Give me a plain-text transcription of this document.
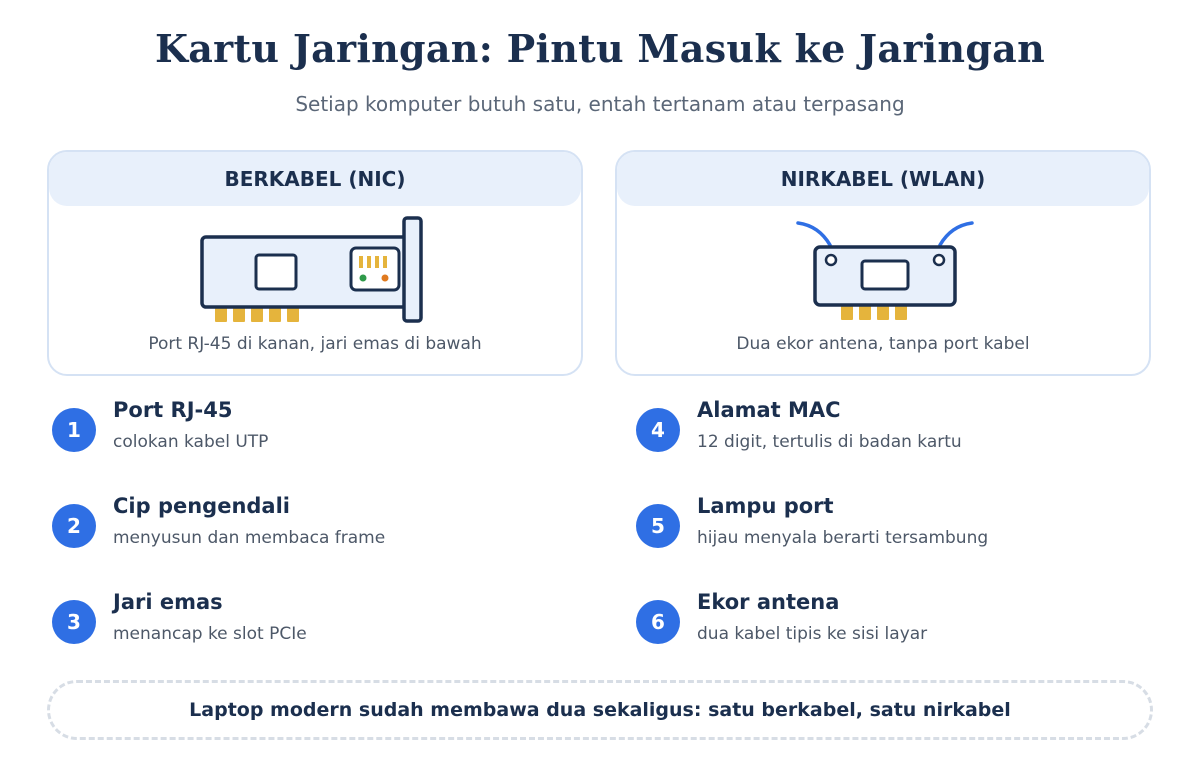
Kartu Jaringan: Pintu Masuk ke Jaringan
Setiap komputer butuh satu, entah tertanam atau terpasang
BERKABEL (NIC)
Port RJ-45 di kanan, jari emas di bawah
NIRKABEL (WLAN)
Dua ekor antena, tanpa port kabel
1
Port RJ-45
colokan kabel UTP
2
Cip pengendali
menyusun dan membaca frame
3
Jari emas
menancap ke slot PCIe
4
Alamat MAC
12 digit, tertulis di badan kartu
5
Lampu port
hijau menyala berarti tersambung
6
Ekor antena
dua kabel tipis ke sisi layar
Laptop modern sudah membawa dua sekaligus: satu berkabel, satu nirkabel
